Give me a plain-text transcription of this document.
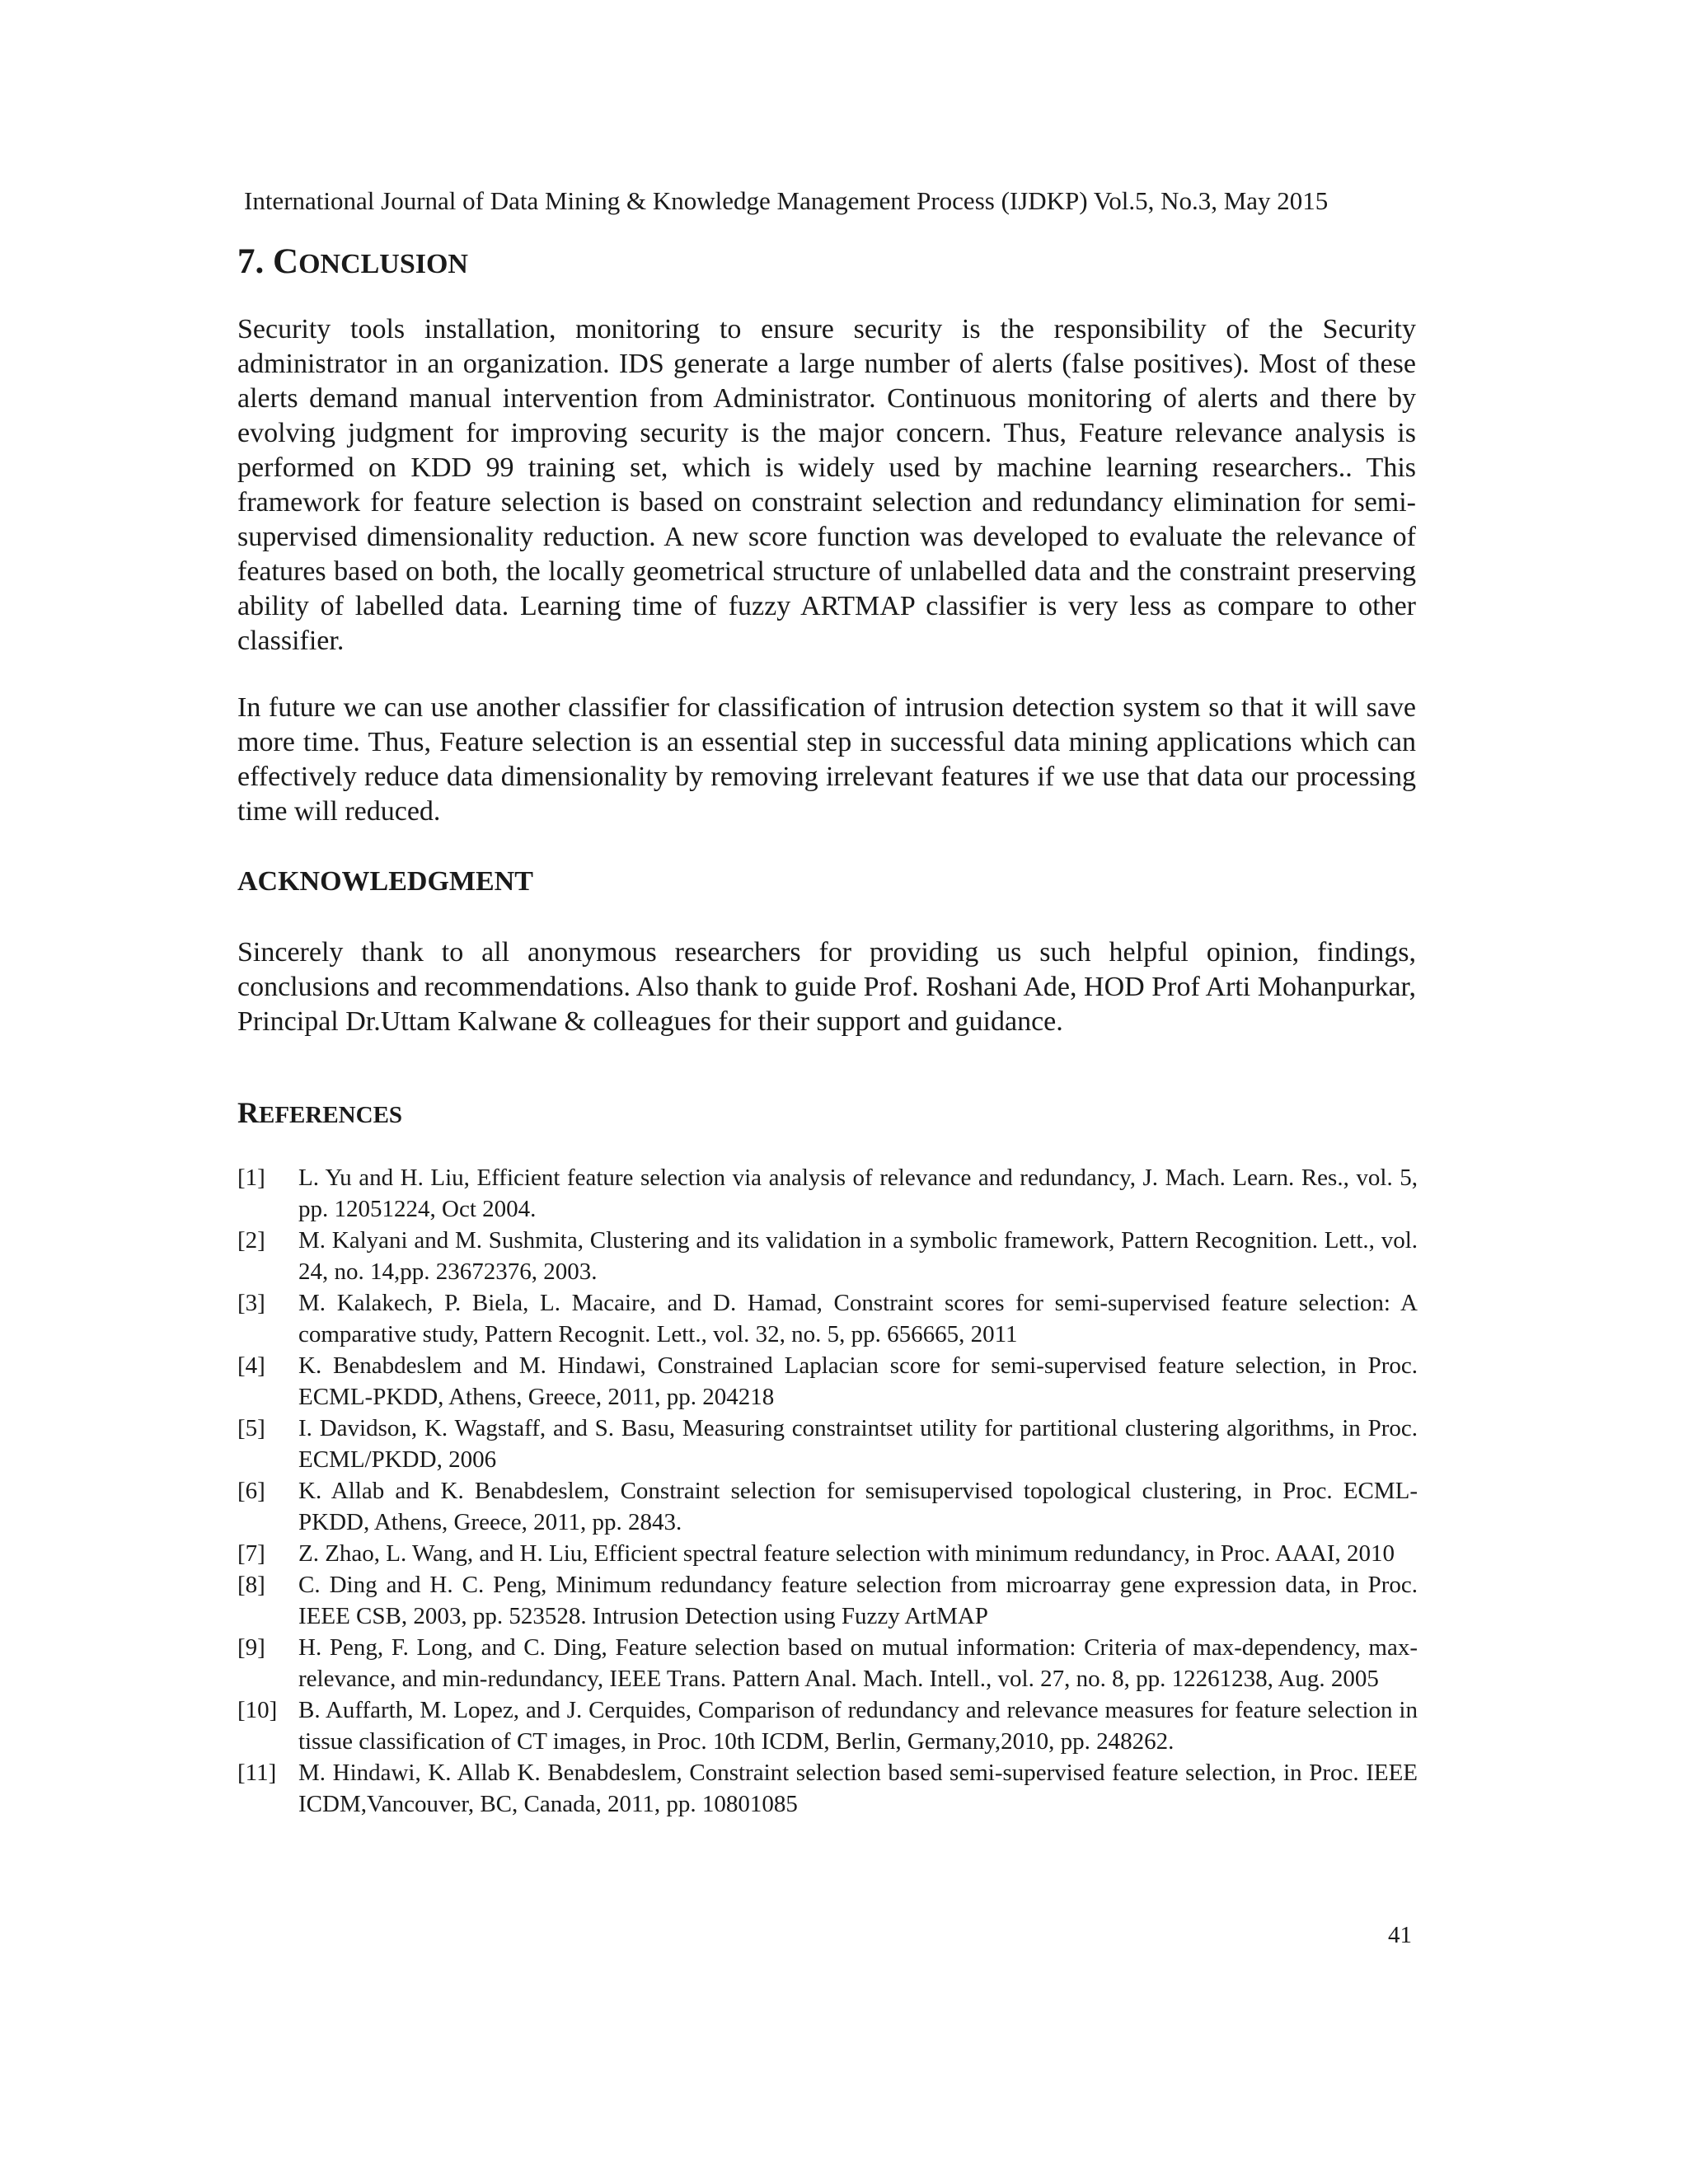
International Journal of Data Mining & Knowledge Management Process (IJDKP) Vol.5, No.3, May 2015
7. CONCLUSION

Security tools installation, monitoring to ensure security is the responsibility of the Security administrator in an organization. IDS generate a large number of alerts (false positives). Most of these alerts demand manual intervention from Administrator. Continuous monitoring of alerts and there by evolving judgment for improving security is the major concern. Thus, Feature relevance analysis is performed on KDD 99 training set, which is widely used by machine learning researchers.. This framework for feature selection is based on constraint selection and redundancy elimination for semi-supervised dimensionality reduction. A new score function was developed to evaluate the relevance of features based on both, the locally geometrical structure of unlabelled data and the constraint preserving ability of labelled data. Learning time of fuzzy ARTMAP classifier is very less as compare to other classifier.

In future we can use another classifier for classification of intrusion detection system so that it will save more time. Thus, Feature selection is an essential step in successful data mining applications which can effectively reduce data dimensionality by removing irrelevant features if we use that data our processing time will reduced.

ACKNOWLEDGMENT

Sincerely thank to all anonymous researchers for providing us such helpful opinion, findings, conclusions and recommendations. Also thank to guide Prof. Roshani Ade, HOD Prof Arti Mohanpurkar, Principal Dr.Uttam Kalwane & colleagues for their support and guidance.

REFERENCES
[1] L. Yu and H. Liu, Efficient feature selection via analysis of relevance and redundancy, J. Mach. Learn. Res., vol. 5, pp. 12051224, Oct 2004.
[2] M. Kalyani and M. Sushmita, Clustering and its validation in a symbolic framework, Pattern Recognition. Lett., vol. 24, no. 14,pp. 23672376, 2003.
[3] M. Kalakech, P. Biela, L. Macaire, and D. Hamad, Constraint scores for semi-supervised feature selection: A comparative study, Pattern Recognit. Lett., vol. 32, no. 5, pp. 656665, 2011
[4] K. Benabdeslem and M. Hindawi, Constrained Laplacian score for semi-supervised feature selection, in Proc. ECML-PKDD, Athens, Greece, 2011, pp. 204218
[5] I. Davidson, K. Wagstaff, and S. Basu, Measuring constraintset utility for partitional clustering algorithms, in Proc. ECML/PKDD, 2006
[6] K. Allab and K. Benabdeslem, Constraint selection for semisupervised topological clustering, in Proc. ECML-PKDD, Athens, Greece, 2011, pp. 2843.
[7] Z. Zhao, L. Wang, and H. Liu, Efficient spectral feature selection with minimum redundancy, in Proc. AAAI, 2010
[8] C. Ding and H. C. Peng, Minimum redundancy feature selection from microarray gene expression data, in Proc. IEEE CSB, 2003, pp. 523528. Intrusion Detection using Fuzzy ArtMAP
[9] H. Peng, F. Long, and C. Ding, Feature selection based on mutual information: Criteria of max-dependency, max-relevance, and min-redundancy, IEEE Trans. Pattern Anal. Mach. Intell., vol. 27, no. 8, pp. 12261238, Aug. 2005
[10] B. Auffarth, M. Lopez, and J. Cerquides, Comparison of redundancy and relevance measures for feature selection in tissue classification of CT images, in Proc. 10th ICDM, Berlin, Germany,2010, pp. 248262.
[11] M. Hindawi, K. Allab K. Benabdeslem, Constraint selection based semi-supervised feature selection, in Proc. IEEE ICDM,Vancouver, BC, Canada, 2011, pp. 10801085
41
